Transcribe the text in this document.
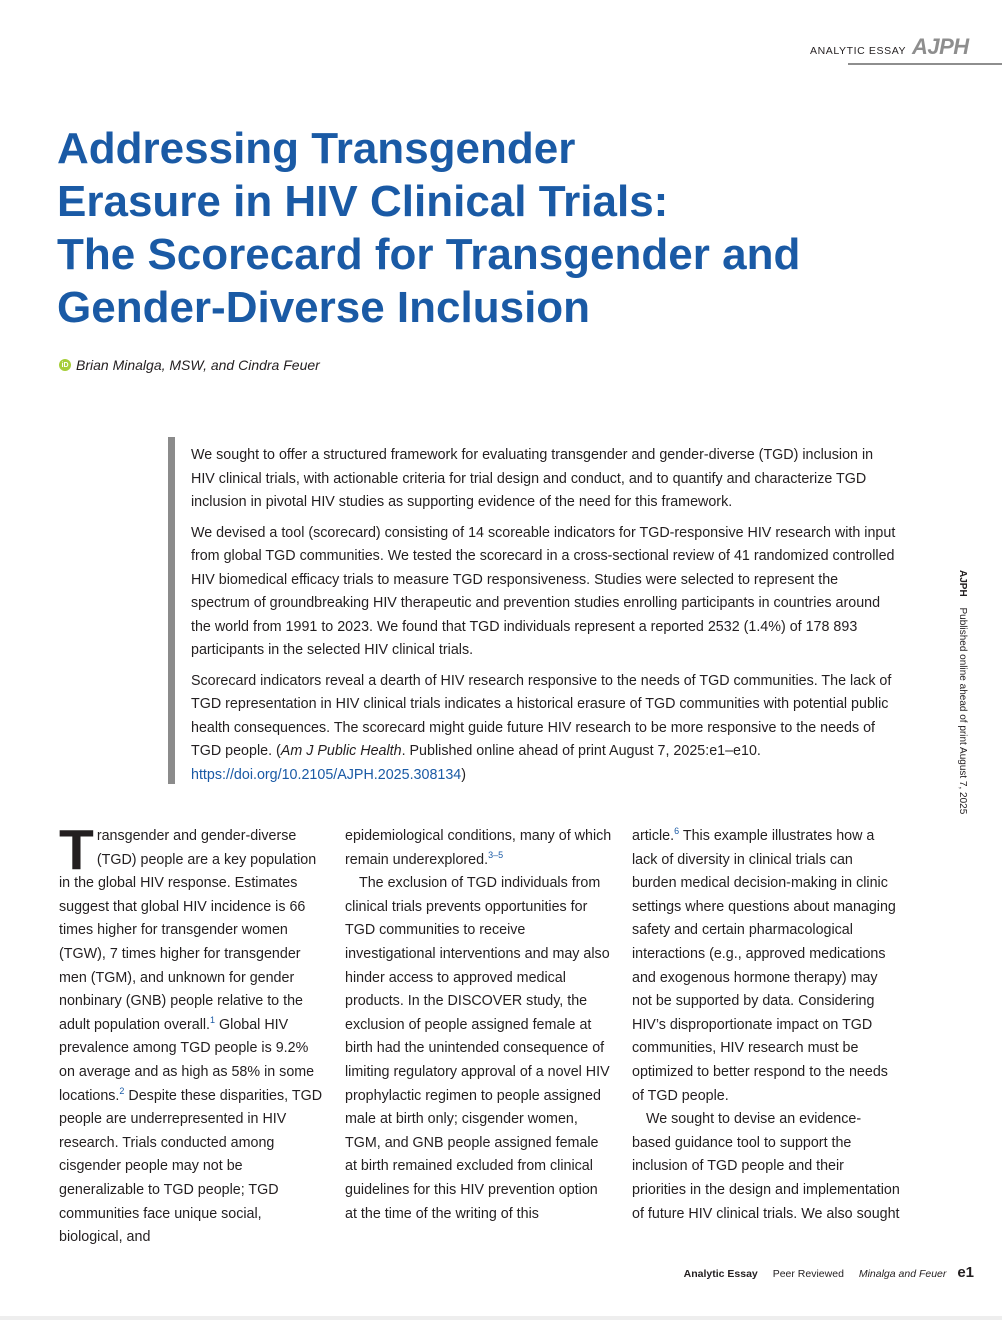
ANALYTIC ESSAY AJPH
Addressing Transgender
Erasure in HIV Clinical Trials:
The Scorecard for Transgender and
Gender-Diverse Inclusion
iD Brian Minalga, MSW, and Cindra Feuer

We sought to offer a structured framework for evaluating transgender and gender-diverse (TGD) inclusion in HIV clinical trials, with actionable criteria for trial design and conduct, and to quantify and characterize TGD inclusion in pivotal HIV studies as supporting evidence of the need for this framework.

We devised a tool (scorecard) consisting of 14 scoreable indicators for TGD-responsive HIV research with input from global TGD communities. We tested the scorecard in a cross-sectional review of 41 randomized controlled HIV biomedical efficacy trials to measure TGD responsiveness. Studies were selected to represent the spectrum of groundbreaking HIV therapeutic and prevention studies enrolling participants in countries around the world from 1991 to 2023. We found that TGD individuals represent a reported 2532 (1.4%) of 178 893 participants in the selected HIV clinical trials.

Scorecard indicators reveal a dearth of HIV research responsive to the needs of TGD communities. The lack of TGD representation in HIV clinical trials indicates a historical erasure of TGD communities with potential public health consequences. The scorecard might guide future HIV research to be more responsive to the needs of TGD people. (Am J Public Health. Published online ahead of print August 7, 2025:e1–e10. https://doi.org/10.2105/AJPH.2025.308134)

AJPH Published online ahead of print August 7, 2025

Transgender and gender-diverse (TGD) people are a key population in the global HIV response. Estimates suggest that global HIV incidence is 66 times higher for transgender women (TGW), 7 times higher for transgender men (TGM), and unknown for gender nonbinary (GNB) people relative to the adult population overall.$^1$ Global HIV prevalence among TGD people is 9.2% on average and as high as 58% in some locations.$^2$ Despite these disparities, TGD people are underrepresented in HIV research. Trials conducted among cisgender people may not be generalizable to TGD people; TGD communities face unique social, biological, and

epidemiological conditions, many of which remain underexplored.$^{3-5}$

The exclusion of TGD individuals from clinical trials prevents opportunities for TGD communities to receive investigational interventions and may also hinder access to approved medical products. In the DISCOVER study, the exclusion of people assigned female at birth had the unintended consequence of limiting regulatory approval of a novel HIV prophylactic regimen to people assigned male at birth only; cisgender women, TGM, and GNB people assigned female at birth remained excluded from clinical guidelines for this HIV prevention option at the time of the writing of this

article.$^6$ This example illustrates how a lack of diversity in clinical trials can burden medical decision-making in clinic settings where questions about managing safety and certain pharmacological interactions (e.g., approved medications and exogenous hormone therapy) may not be supported by data. Considering HIV’s disproportionate impact on TGD communities, HIV research must be optimized to better respond to the needs of TGD people.

We sought to devise an evidence-based guidance tool to support the inclusion of TGD people and their priorities in the design and implementation of future HIV clinical trials. We also sought

Analytic Essay Peer Reviewed Minalga and Feuer e1
